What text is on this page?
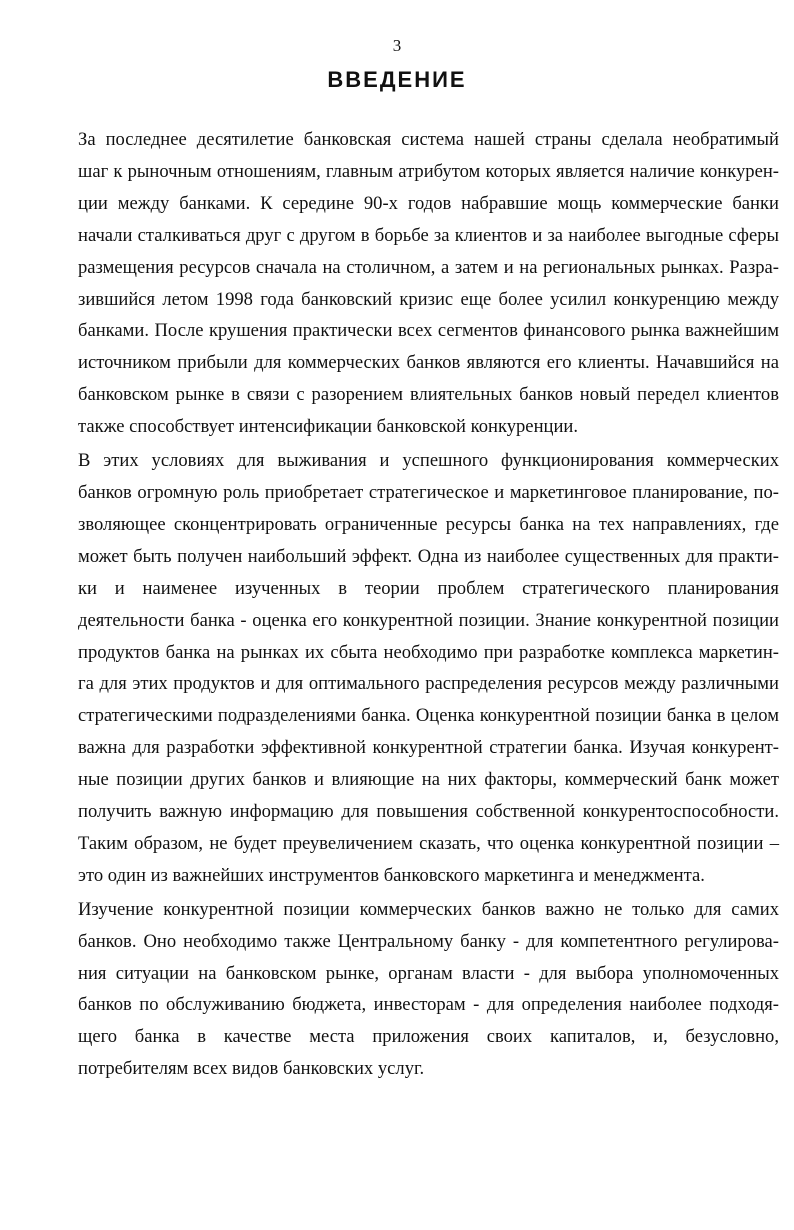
3
ВВЕДЕНИЕ

За последнее десятилетие банковская система нашей страны сделала необратимый
шаг к рыночным отношениям, главным атрибутом которых является наличие конкурен-
ции между банками. К середине 90-х годов набравшие мощь коммерческие банки
начали сталкиваться друг с другом в борьбе за клиентов и за наиболее выгодные сферы
размещения ресурсов сначала на столичном, а затем и на региональных рынках. Разра-
зившийся летом 1998 года банковский кризис еще более усилил конкуренцию между
банками. После крушения практически всех сегментов финансового рынка важнейшим
источником прибыли для коммерческих банков являются его клиенты. Начавшийся на
банковском рынке в связи с разорением влиятельных банков новый передел клиентов
также способствует интенсификации банковской конкуренции.

В этих условиях для выживания и успешного функционирования коммерческих
банков огромную роль приобретает стратегическое и маркетинговое планирование, по-
зволяющее сконцентрировать ограниченные ресурсы банка на тех направлениях, где
может быть получен наибольший эффект. Одна из наиболее существенных для практи-
ки и наименее изученных в теории проблем стратегического планирования
деятельности банка - оценка его конкурентной позиции. Знание конкурентной позиции
продуктов банка на рынках их сбыта необходимо при разработке комплекса маркетин-
га для этих продуктов и для оптимального распределения ресурсов между различными
стратегическими подразделениями банка. Оценка конкурентной позиции банка в целом
важна для разработки эффективной конкурентной стратегии банка. Изучая конкурент-
ные позиции других банков и влияющие на них факторы, коммерческий банк может
получить важную информацию для повышения собственной конкурентоспособности.
Таким образом, не будет преувеличением сказать, что оценка конкурентной позиции –
это один из важнейших инструментов банковского маркетинга и менеджмента.

Изучение конкурентной позиции коммерческих банков важно не только для самих
банков. Оно необходимо также Центральному банку - для компетентного регулирова-
ния ситуации на банковском рынке, органам власти - для выбора уполномоченных
банков по обслуживанию бюджета, инвесторам - для определения наиболее подходя-
щего банка в качестве места приложения своих капиталов, и, безусловно,
потребителям всех видов банковских услуг.
